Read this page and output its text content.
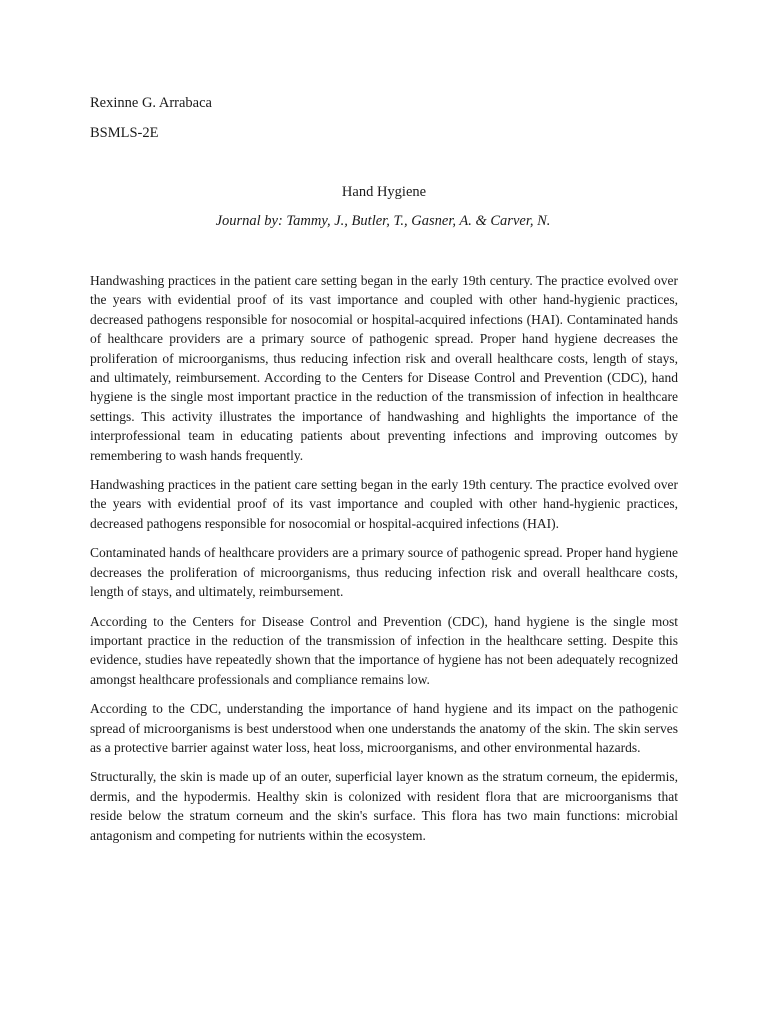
Rexinne G. Arrabaca
BSMLS-2E
Hand Hygiene
Journal by: Tammy, J., Butler, T., Gasner, A. & Carver, N.

Handwashing practices in the patient care setting began in the early 19th century. The practice evolved over the years with evidential proof of its vast importance and coupled with other hand-hygienic practices, decreased pathogens responsible for nosocomial or hospital-acquired infections (HAI). Contaminated hands of healthcare providers are a primary source of pathogenic spread. Proper hand hygiene decreases the proliferation of microorganisms, thus reducing infection risk and overall healthcare costs, length of stays, and ultimately, reimbursement. According to the Centers for Disease Control and Prevention (CDC), hand hygiene is the single most important practice in the reduction of the transmission of infection in healthcare settings. This activity illustrates the importance of handwashing and highlights the importance of the interprofessional team in educating patients about preventing infections and improving outcomes by remembering to wash hands frequently.

Handwashing practices in the patient care setting began in the early 19th century. The practice evolved over the years with evidential proof of its vast importance and coupled with other hand-hygienic practices, decreased pathogens responsible for nosocomial or hospital-acquired infections (HAI).

Contaminated hands of healthcare providers are a primary source of pathogenic spread. Proper hand hygiene decreases the proliferation of microorganisms, thus reducing infection risk and overall healthcare costs, length of stays, and ultimately, reimbursement.

According to the Centers for Disease Control and Prevention (CDC), hand hygiene is the single most important practice in the reduction of the transmission of infection in the healthcare setting. Despite this evidence, studies have repeatedly shown that the importance of hygiene has not been adequately recognized amongst healthcare professionals and compliance remains low.

According to the CDC, understanding the importance of hand hygiene and its impact on the pathogenic spread of microorganisms is best understood when one understands the anatomy of the skin. The skin serves as a protective barrier against water loss, heat loss, microorganisms, and other environmental hazards.

Structurally, the skin is made up of an outer, superficial layer known as the stratum corneum, the epidermis, dermis, and the hypodermis. Healthy skin is colonized with resident flora that are microorganisms that reside below the stratum corneum and the skin's surface. This flora has two main functions: microbial antagonism and competing for nutrients within the ecosystem.
